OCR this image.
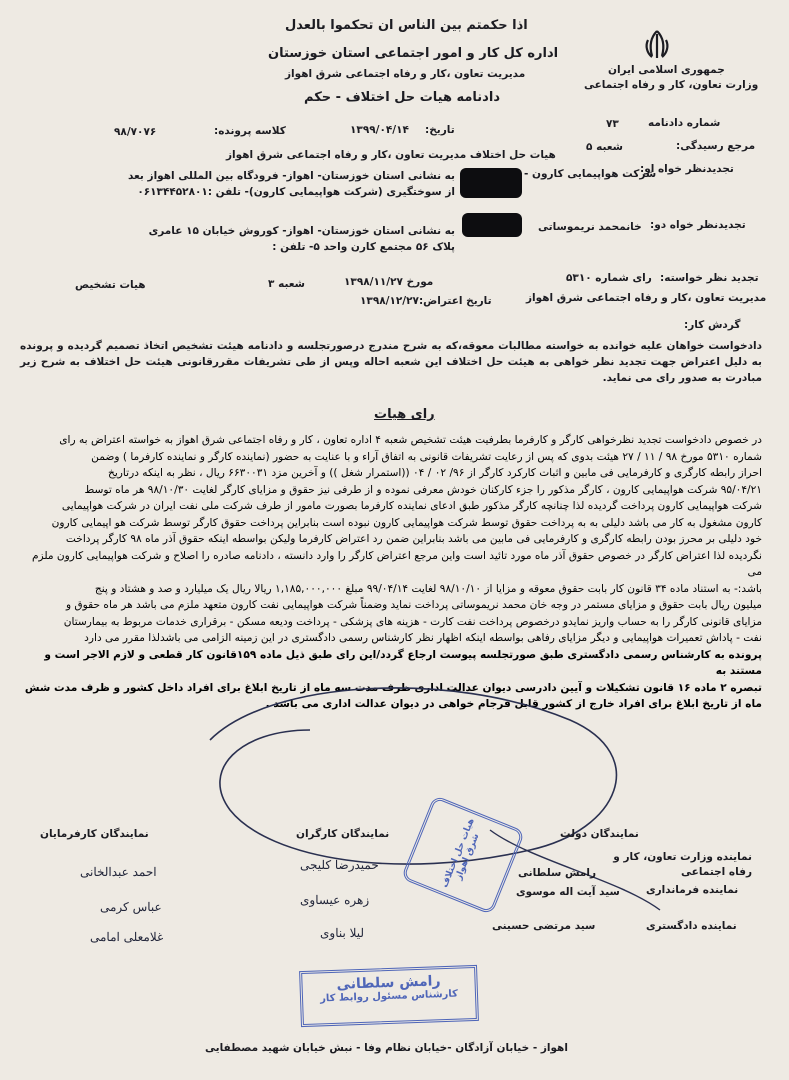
جمهوری اسلامی ایران
وزارت تعاون، کار و رفاه اجتماعی
اذا حکمتم بین الناس ان تحکموا بالعدل
اداره کل کار و امور اجتماعی استان خوزستان
مدیریت تعاون ،کار و رفاه اجتماعی شرق اهواز
دادنامه هیات حل اختلاف - حکم
شماره دادنامه
۷۳
تاریخ:
۱۳۹۹/۰۴/۱۴
کلاسه پرونده:
۹۸/۷۰۷۶
مرجع رسیدگی:
شعبه ۵
هیات حل اختلاف مدیریت تعاون ،کار و رفاه اجتماعی شرق اهواز
تجدیدنظر خواه او:
شرکت هواپیمایی کارون -
به نشانی استان خوزستان- اهواز- فرودگاه بین المللی اهواز بعد از سوختگیری (شرکت هواپیمایی کارون)- تلفن :۰۶۱۳۴۴۵۲۸۰۱
تجدیدنظر خواه دو:
خانمحمد نریموساتی
به نشانی استان خوزستان- اهواز- کوروش خیابان ۱۵ عامری پلاک ۵۶ مجتمع کارن واحد ۵- تلفن :
تجدید نظر خواسته:
رای شماره ۵۳۱۰
مورخ ۱۳۹۸/۱۱/۲۷
شعبه ۳
هیات تشخیص
مدیریت تعاون ،کار و رفاه اجتماعی شرق اهواز
تاریخ اعتراض:۱۳۹۸/۱۲/۲۷
گردش کار:
دادخواست خواهان علیه خوانده به خواسته مطالبات معوقه،که به شرح مندرج درصورتجلسه و دادنامه هیئت تشخیص اتخاذ تصمیم گردیده و پرونده به دلیل اعتراض جهت تجدید نظر خواهی به هیئت حل اختلاف این شعبه احاله وپس از طی تشریفات مقررقانونی هیئت حل اختلاف به شرح زیر مبادرت به صدور رای می نماید.
رای هیات

در خصوص دادخواست تجدید نظرخواهی کارگر و کارفرما بطرفیت هیئت تشخیص شعبه ۴ اداره تعاون ، کار و رفاه اجتماعی شرق اهواز به خواسته اعتراض به رای

شماره ۵۳۱۰ مورخ ۹۸ / ۱۱ / ۲۷ هیئت بدوی که پس از رعایت تشریفات قانونی به اتفاق آراء و با عنایت به حضور (نماینده کارگر و نماینده کارفرما ) وضمن

احراز رابطه کارگری و کارفرمایی فی مابین و اثبات کارکرد کارگر از ۹۶/ ۰۲ / ۰۴ ((استمرار شغل )) و آخرین مزد ۶۶۳۰۰۳۱ ریال ، نظر به اینکه درتاریخ

۹۵/۰۴/۲۱ شرکت هواپیمایی کارون ، کارگر مذکور را جزء کارکنان خودش معرفی نموده و از طرفی نیز حقوق و مزایای کارگر لغایت ۹۸/۱۰/۳۰ هر ماه توسط

شرکت هواپیمایی کارون پرداخت گردیده لذا چنانچه کارگر مذکور طبق ادعای نماینده کارفرما بصورت مامور از طرف شرکت ملی نفت ایران در شرکت هواپیمایی

کارون مشغول به کار می باشد دلیلی به به پرداخت حقوق توسط شرکت هواپیمایی کارون نبوده است بنابراین پرداخت حقوق کارگر توسط شرکت هو اپیمایی کارون

خود دلیلی بر محرز بودن رابطه کارگری و کارفرمایی فی مابین می باشد بنابراین ضمن رد اعتراض کارفرما ولیکن بواسطه اینکه حقوق آذر ماه ۹۸ کارگر پرداخت

نگردیده لذا اعتراض کارگر در خصوص حقوق آذر ماه مورد تائید است واین مرجع اعتراض کارگر را وارد دانسته ، دادنامه صادره را اصلاح و شرکت هواپیمایی کارون ملزم می

باشد:- به استناد ماده ۳۴ قانون کار بابت حقوق معوقه و مزایا از ۹۸/۱۰/۱۰ لغایت ۹۹/۰۴/۱۴ مبلغ ۱,۱۸۵,۰۰۰,۰۰۰ ریالا ریال یک میلیارد و صد و هشتاد و پنج

میلیون ریال بابت حقوق و مزایای مستمر در وجه خان محمد نریموساتی پرداخت نماید وضمناً شرکت هواپیمایی نفت کارون متعهد ملزم می باشد هر ماه حقوق و

مزایای قانونی کارگر را به حساب واریز نمایدو درخصوص پرداخت نفت کارت - هزینه های پزشکی - پرداخت ودیعه مسکن - برقراری خدمات مربوط به بیمارستان

نفت - پاداش تعمیرات هواپیمایی و دیگر مزایای رفاهی بواسطه اینکه اظهار نظر کارشناس رسمی دادگستری در این زمینه الزامی می باشدلذا مقرر می دارد

پرونده به کارشناس رسمی دادگستری طبق صورتجلسه پیوست ارجاع گردد/این رای طبق ذیل ماده ۱۵۹قانون کار قطعی و لازم الاجر است و مستند به

تبصره ۲ ماده ۱۶ قانون تشکیلات و آیین دادرسی دیوان عدالت اداری ظرف مدت سه ماه از تاریخ ابلاغ برای افراد داخل کشور و ظرف مدت شش

ماه از تاریخ ابلاغ برای افراد خارج از کشور قابل فرجام خواهی در دیوان عدالت اداری می باشد .

نمایندگان کارفرمایان
احمد عبدالخانی
عباس کرمی
غلامعلی امامی
نمایندگان کارگران
حمیدرضا کلیجی
زهره عیساوی
لیلا بناوی
نمایندگان دولت
نماینده وزارت تعاون، کار و رفاه اجتماعی
رامش سلطانی
نماینده فرمانداری
سید آیت اله موسوی
نماینده دادگستری
سید مرتضی حسینی
رامش سلطانی
کارشناس مسئول روابط کار
هیات حل اختلاف شرق اهواز
اهواز - خیابان آزادگان -خیابان نظام وفا - نبش خیابان شهید مصطفایی
